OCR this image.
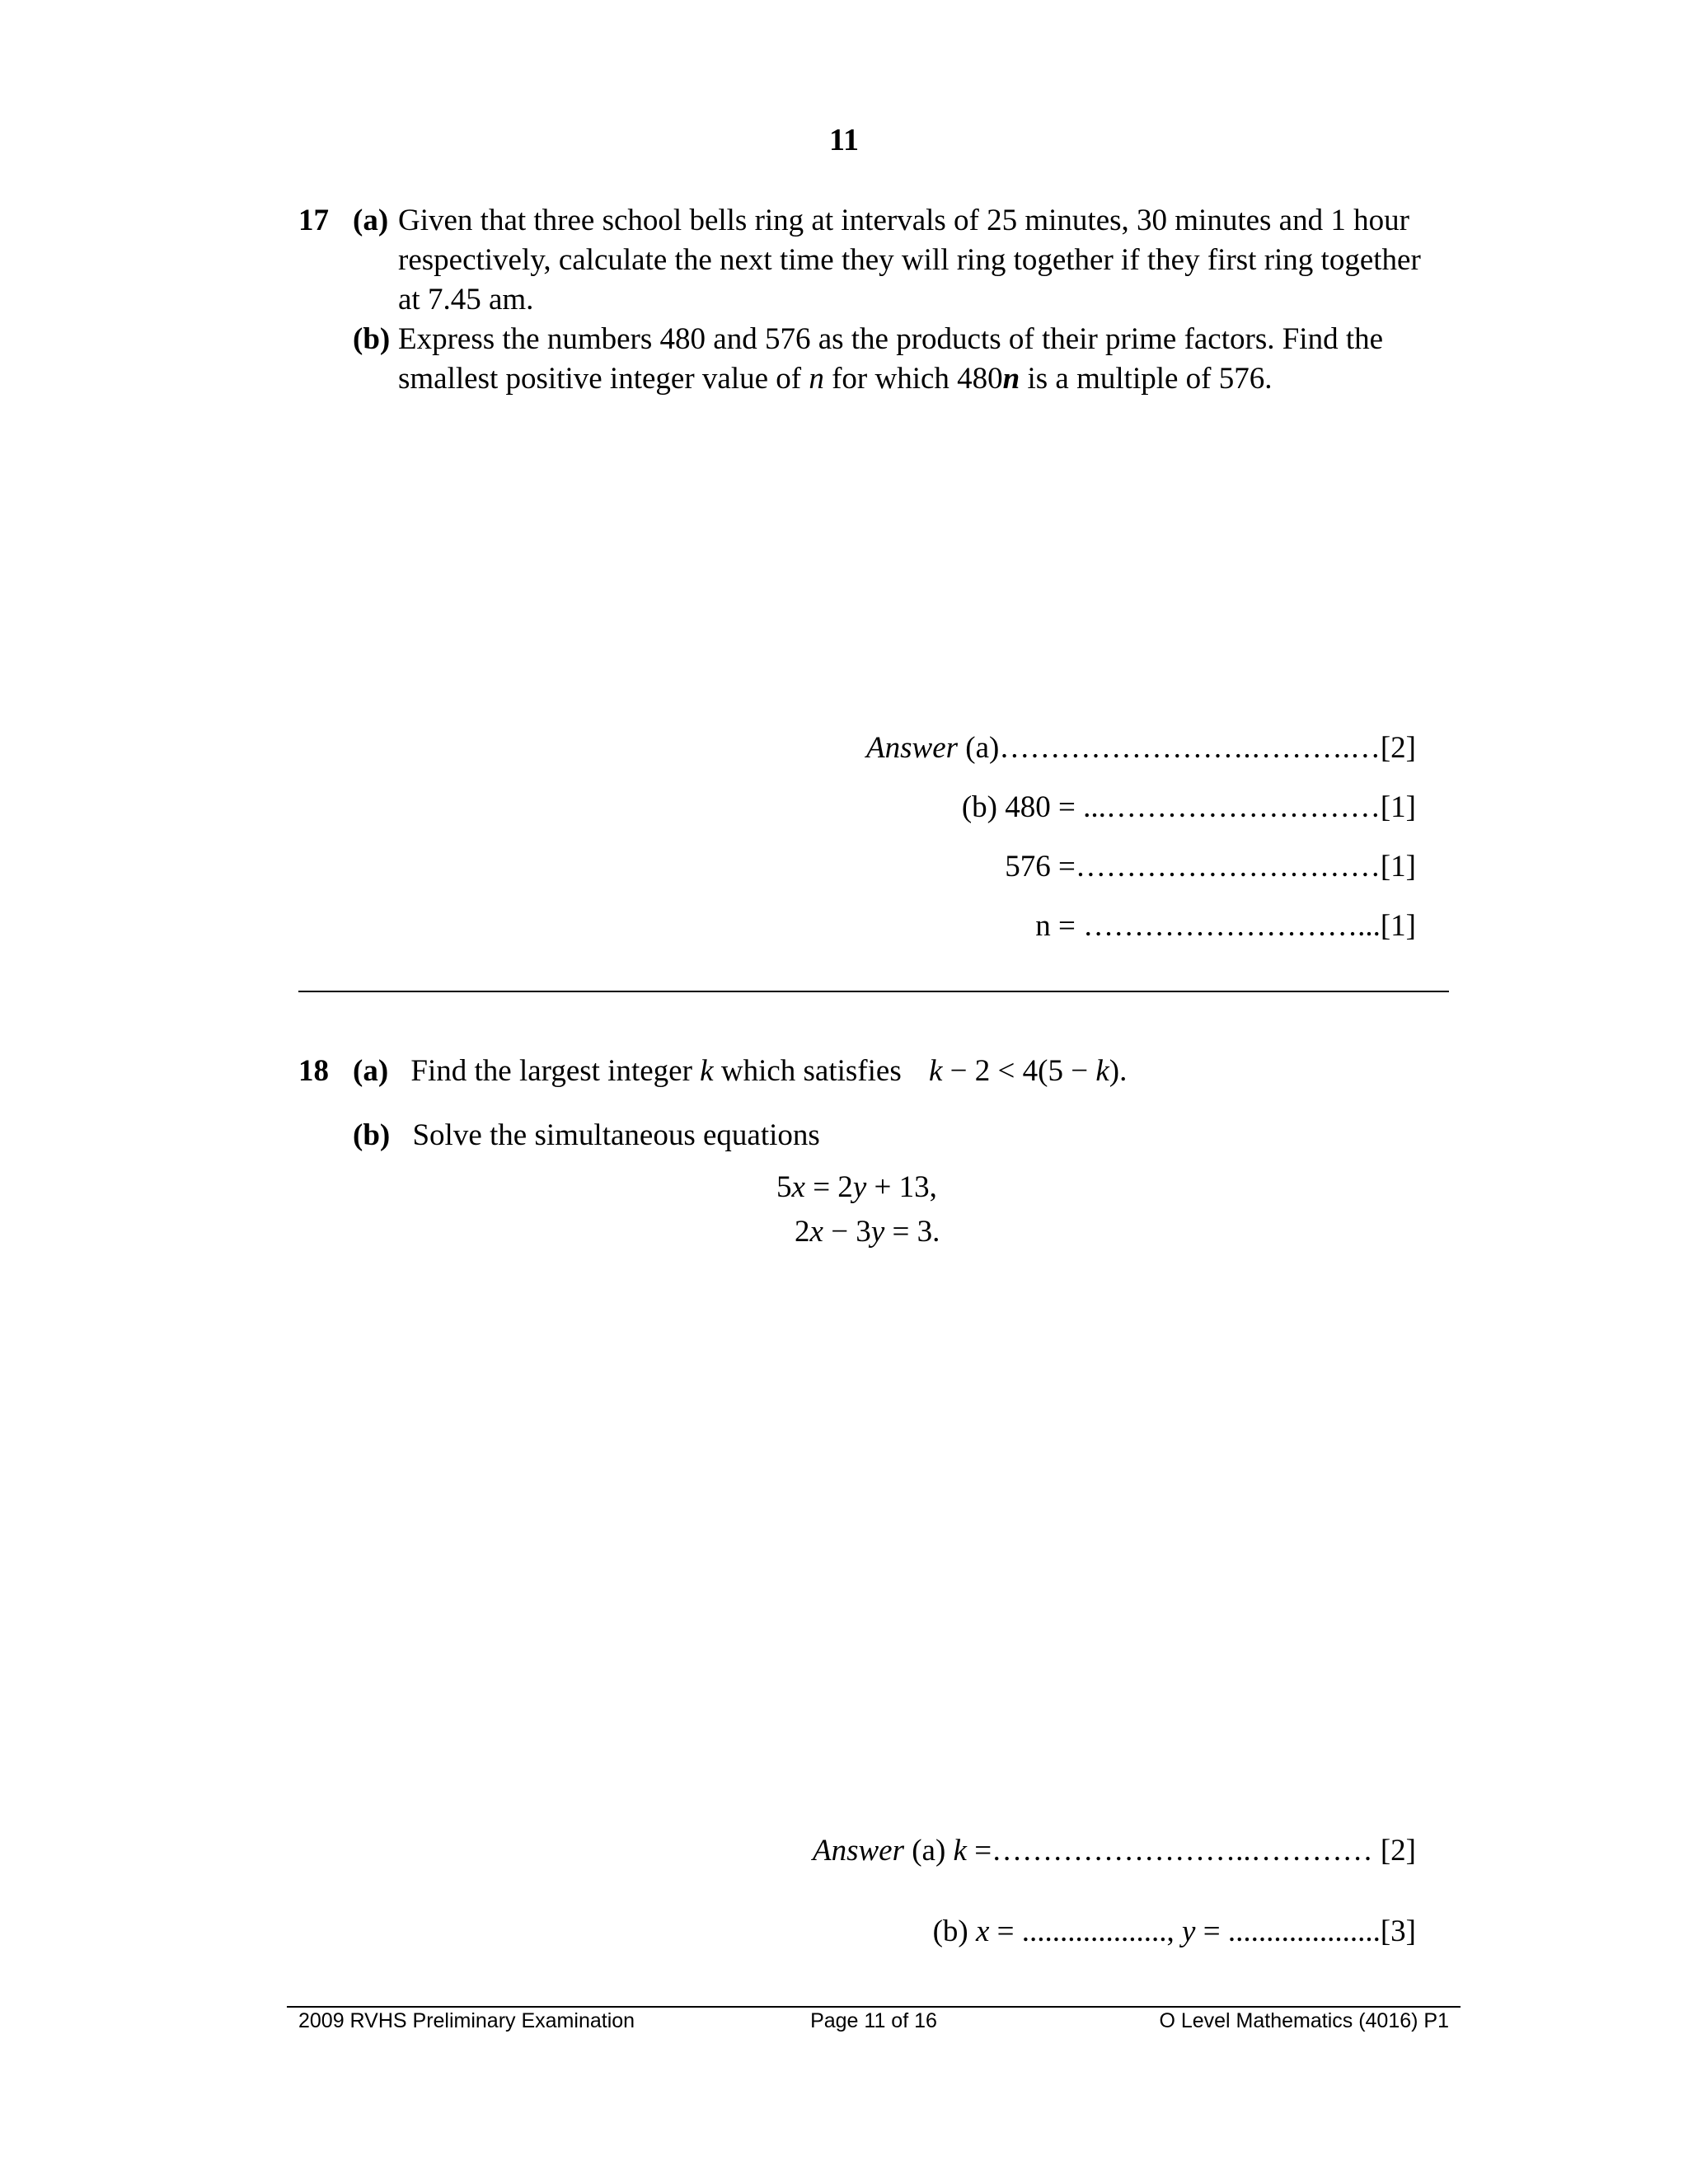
11
17 (a) Given that three school bells ring at intervals of 25 minutes, 30 minutes and 1 hour
respectively, calculate the next time they will ring together if they first ring together
at 7.45 am.
(b) Express the numbers 480 and 576 as the products of their prime factors. Find the
smallest positive integer value of n for which 480n is a multiple of 576.
Answer (a)…………………….……….…[2]
(b) 480 = ...………………………[1]
576 =…………………………[1]
n = ………………………...[1]
18 (a) Find the largest integer k which satisfies k − 2 < 4(5 − k).
(b) Solve the simultaneous equations
5x = 2y + 13,
2x − 3y = 3.
Answer (a) k =……………………..………… [2]
(b) x = ..................., y = ....................[3]
2009 RVHS Preliminary Examination	Page 11 of 16	O Level Mathematics (4016) P1
